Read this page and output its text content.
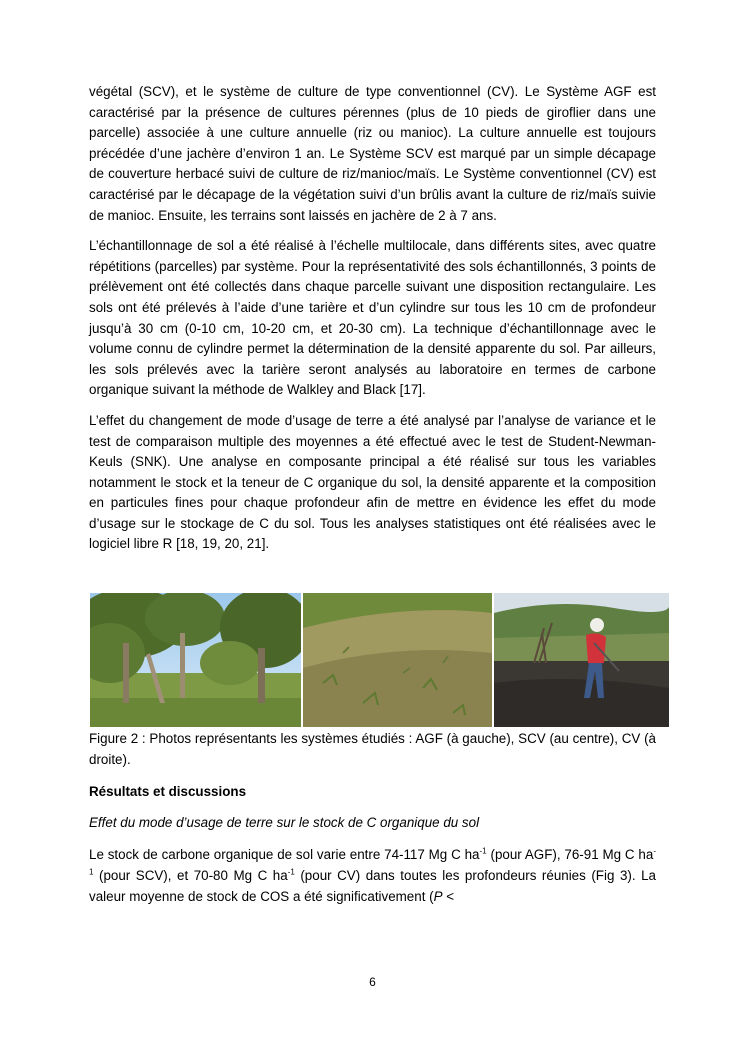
végétal (SCV), et le système de culture de type conventionnel (CV). Le Système AGF est caractérisé par la présence de cultures pérennes (plus de 10 pieds de giroflier dans une parcelle) associée à une culture annuelle (riz ou manioc). La culture annuelle est toujours précédée d’une jachère d’environ 1 an. Le Système SCV est marqué par un simple décapage de couverture herbacé suivi de culture de riz/manioc/maïs. Le Système conventionnel (CV) est caractérisé par le décapage de la végétation suivi d’un brûlis avant la culture de riz/maïs suivie de manioc. Ensuite, les terrains sont laissés en jachère de 2 à 7 ans.

L’échantillonnage de sol a été réalisé à l’échelle multilocale, dans différents sites, avec quatre répétitions (parcelles) par système. Pour la représentativité des sols échantillonnés, 3 points de prélèvement ont été collectés dans chaque parcelle suivant une disposition rectangulaire. Les sols ont été prélevés à l’aide d’une tarière et d’un cylindre sur tous les 10 cm de profondeur jusqu’à 30 cm (0-10 cm, 10-20 cm, et 20-30 cm). La technique d’échantillonnage avec le volume connu de cylindre permet la détermination de la densité apparente du sol. Par ailleurs, les sols prélevés avec la tarière seront analysés au laboratoire en termes de carbone organique suivant la méthode de Walkley and Black [17].

L’effet du changement de mode d’usage de terre a été analysé par l’analyse de variance et le test de comparaison multiple des moyennes a été effectué avec le test de Student-Newman-Keuls (SNK). Une analyse en composante principal a été réalisé sur tous les variables notamment le stock et la teneur de C organique du sol, la densité apparente et la composition en particules fines pour chaque profondeur afin de mettre en évidence les effet du mode d’usage sur le stockage de C du sol. Tous les analyses statistiques ont été réalisées avec le logiciel libre R [18, 19, 20, 21].

Figure 2 : Photos représentants les systèmes étudiés : AGF (à gauche), SCV (au centre), CV (à droite).

Résultats et discussions

Effet du mode d’usage de terre sur le stock de C organique du sol

Le stock de carbone organique de sol varie entre 74-117 Mg C $ha^{-1}$ (pour AGF), 76-91 Mg C $ha^{-1}$ (pour SCV), et 70-80 Mg C $ha^{-1}$ (pour CV) dans toutes les profondeurs réunies (Fig 3). La valeur moyenne de stock de COS a été significativement (P <

6
